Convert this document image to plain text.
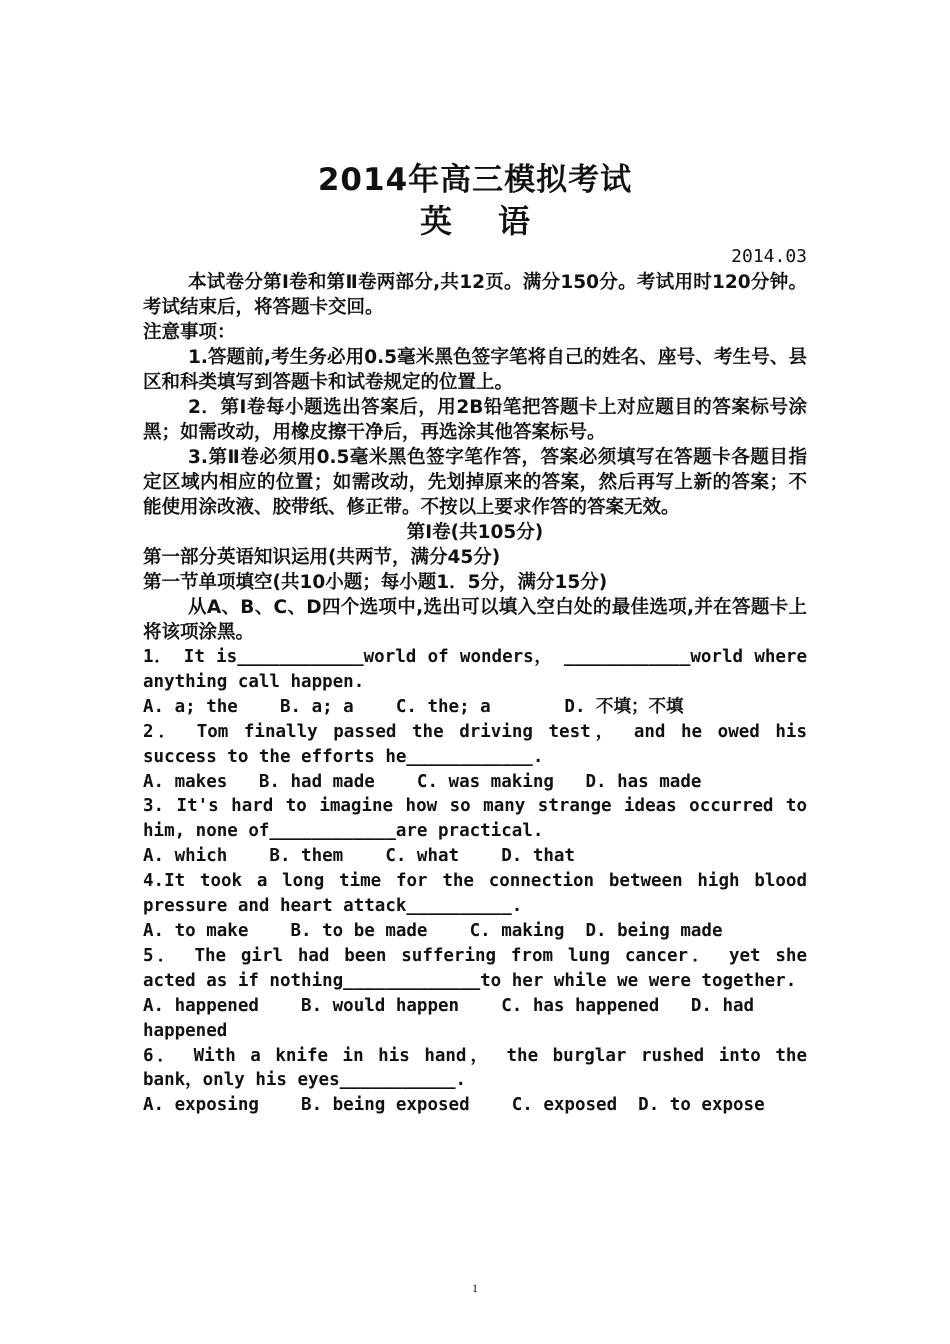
2014年高三模拟考试
英语
2014.03
本试卷分第Ⅰ卷和第Ⅱ卷两部分,共12页。满分150分。考试用时120分钟。考试结束后，将答题卡交回。
注意事项：
1.答题前,考生务必用0.5毫米黑色签字笔将自己的姓名、座号、考生号、县区和科类填写到答题卡和试卷规定的位置上。
2．第Ⅰ卷每小题选出答案后，用2B铅笔把答题卡上对应题目的答案标号涂黑；如需改动，用橡皮擦干净后，再选涂其他答案标号。
3.第Ⅱ卷必须用0.5毫米黑色签字笔作答，答案必须填写在答题卡各题目指定区域内相应的位置；如需改动，先划掉原来的答案，然后再写上新的答案；不能使用涂改液、胶带纸、修正带。不按以上要求作答的答案无效。
第Ⅰ卷(共105分)
第一部分英语知识运用(共两节，满分45分)
第一节单项填空(共10小题；每小题1．5分，满分15分)
从A、B、C、D四个选项中,选出可以填入空白处的最佳选项,并在答题卡上将该项涂黑。
1． It is____________world of wonders， ____________world where anything call happen.
A. a; the    B. a; a    C. the; a       D. 不填；不填
2． Tom finally passed the driving test， and he owed his success to the efforts he____________.
A. makes   B. had made    C. was making   D. has made
3. It's hard to imagine how so many strange ideas occurred to him, none of____________are practical.
A. which    B. them    C. what    D. that
4.It took a long time for the connection between high blood pressure and heart attack__________.
A. to make    B. to be made    C. making  D. being made
5． The girl had been suffering from lung cancer． yet she acted as if nothing_____________to her while we were together.
A. happened    B. would happen    C. has happened   D. had
happened
6． With a knife in his hand， the burglar rushed into the bank，only his eyes___________.
A. exposing    B. being exposed    C. exposed  D. to expose
1
